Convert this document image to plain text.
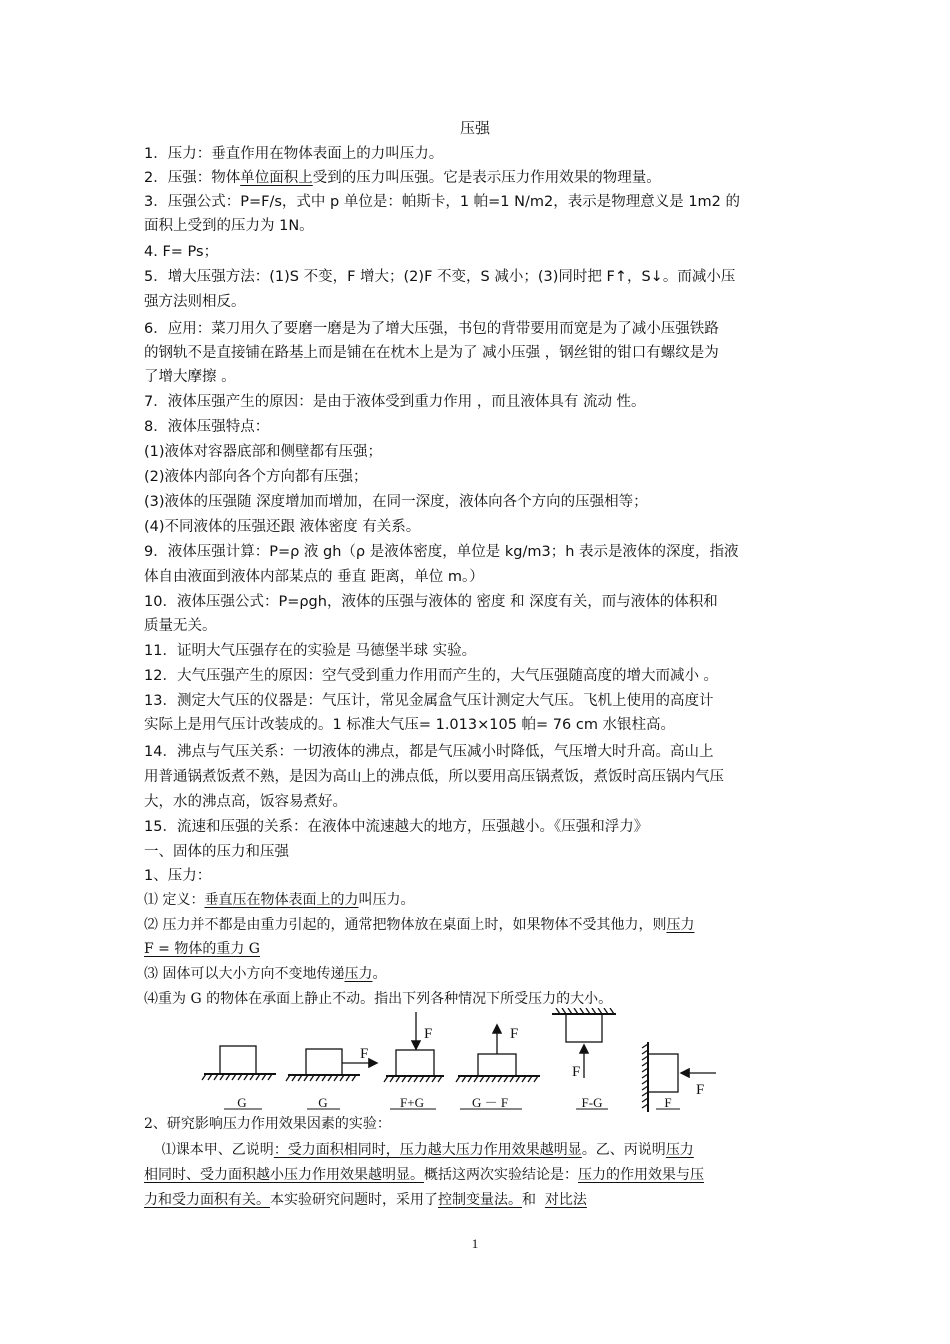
压强
1．压力：垂直作用在物体表面上的力叫压力。
2．压强：物体单位面积上受到的压力叫压强。它是表示压力作用效果的物理量。
3．压强公式：P=F/s，式中 p 单位是：帕斯卡，1 帕=1 N/m2，表示是物理意义是 1m2 的
面积上受到的压力为 1N。
4. F= Ps；
5．增大压强方法：(1)S 不变，F 增大；(2)F 不变，S 减小；(3)同时把 F↑，S↓。而减小压
强方法则相反。
6．应用：菜刀用久了要磨一磨是为了增大压强，书包的背带要用而宽是为了减小压强铁路
的钢轨不是直接铺在路基上而是铺在在枕木上是为了 减小压强 ，钢丝钳的钳口有螺纹是为
了增大摩擦 。
7．液体压强产生的原因：是由于液体受到重力作用 ，而且液体具有 流动 性。
8．液体压强特点：
(1)液体对容器底部和侧壁都有压强；
(2)液体内部向各个方向都有压强；
(3)液体的压强随 深度增加而增加，在同一深度，液体向各个方向的压强相等；
(4)不同液体的压强还跟 液体密度 有关系。
9．液体压强计算：P=ρ 液 gh（ρ 是液体密度，单位是 kg/m3；h 表示是液体的深度，指液
体自由液面到液体内部某点的 垂直 距离，单位 m。）
10．液体压强公式：P=ρgh，液体的压强与液体的 密度 和 深度有关，而与液体的体积和
质量无关。
11．证明大气压强存在的实验是 马德堡半球 实验。
12．大气压强产生的原因：空气受到重力作用而产生的，大气压强随高度的增大而减小 。
13．测定大气压的仪器是：气压计，常见金属盒气压计测定大气压。飞机上使用的高度计
实际上是用气压计改装成的。1 标准大气压= 1.013×105 帕= 76 cm 水银柱高。
14．沸点与气压关系：一切液体的沸点，都是气压减小时降低，气压增大时升高。高山上
用普通锅煮饭煮不熟，是因为高山上的沸点低，所以要用高压锅煮饭，煮饭时高压锅内气压
大，水的沸点高，饭容易煮好。
15．流速和压强的关系：在液体中流速越大的地方，压强越小。《压强和浮力》
一、固体的压力和压强
1、压力：
⑴ 定义：垂直压在物体表面上的力叫压力。
⑵ 压力并不都是由重力引起的，通常把物体放在桌面上时，如果物体不受其他力，则压力
F = 物体的重力 G
⑶ 固体可以大小方向不变地传递压力。
⑷重为 G 的物体在承面上静止不动。指出下列各种情况下所受压力的大小。
F
F	F
F
F
G	G	F+G	G － F	F-G	F
2、研究影响压力作用效果因素的实验：
⑴课本甲、乙说明：受力面积相同时，压力越大压力作用效果越明显。乙、丙说明压力
相同时、受力面积越小压力作用效果越明显。概括这两次实验结论是：压力的作用效果与压
力和受力面积有关。本实验研究问题时，采用了控制变量法。和  对比法
1
